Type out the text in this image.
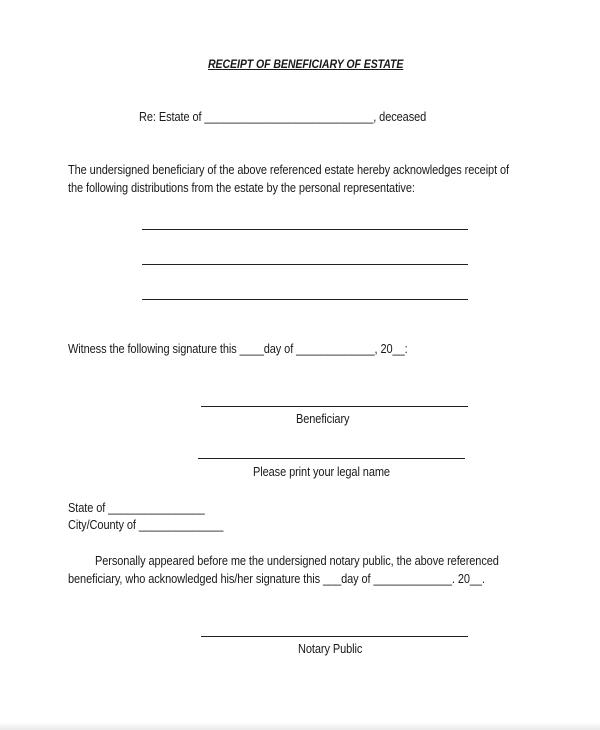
RECEIPT OF BENEFICIARY OF ESTATE
Re: Estate of ____________________________, deceased
The undersigned beneficiary of the above referenced estate hereby acknowledges receipt of
the following distributions from the estate by the personal representative:
Witness the following signature this ____day of _____________, 20__:
Beneficiary
Please print your legal name
State of ________________
City/County of ______________
Personally appeared before me the undersigned notary public, the above referenced
beneficiary, who acknowledged his/her signature this ___day of _____________. 20__.
Notary Public
